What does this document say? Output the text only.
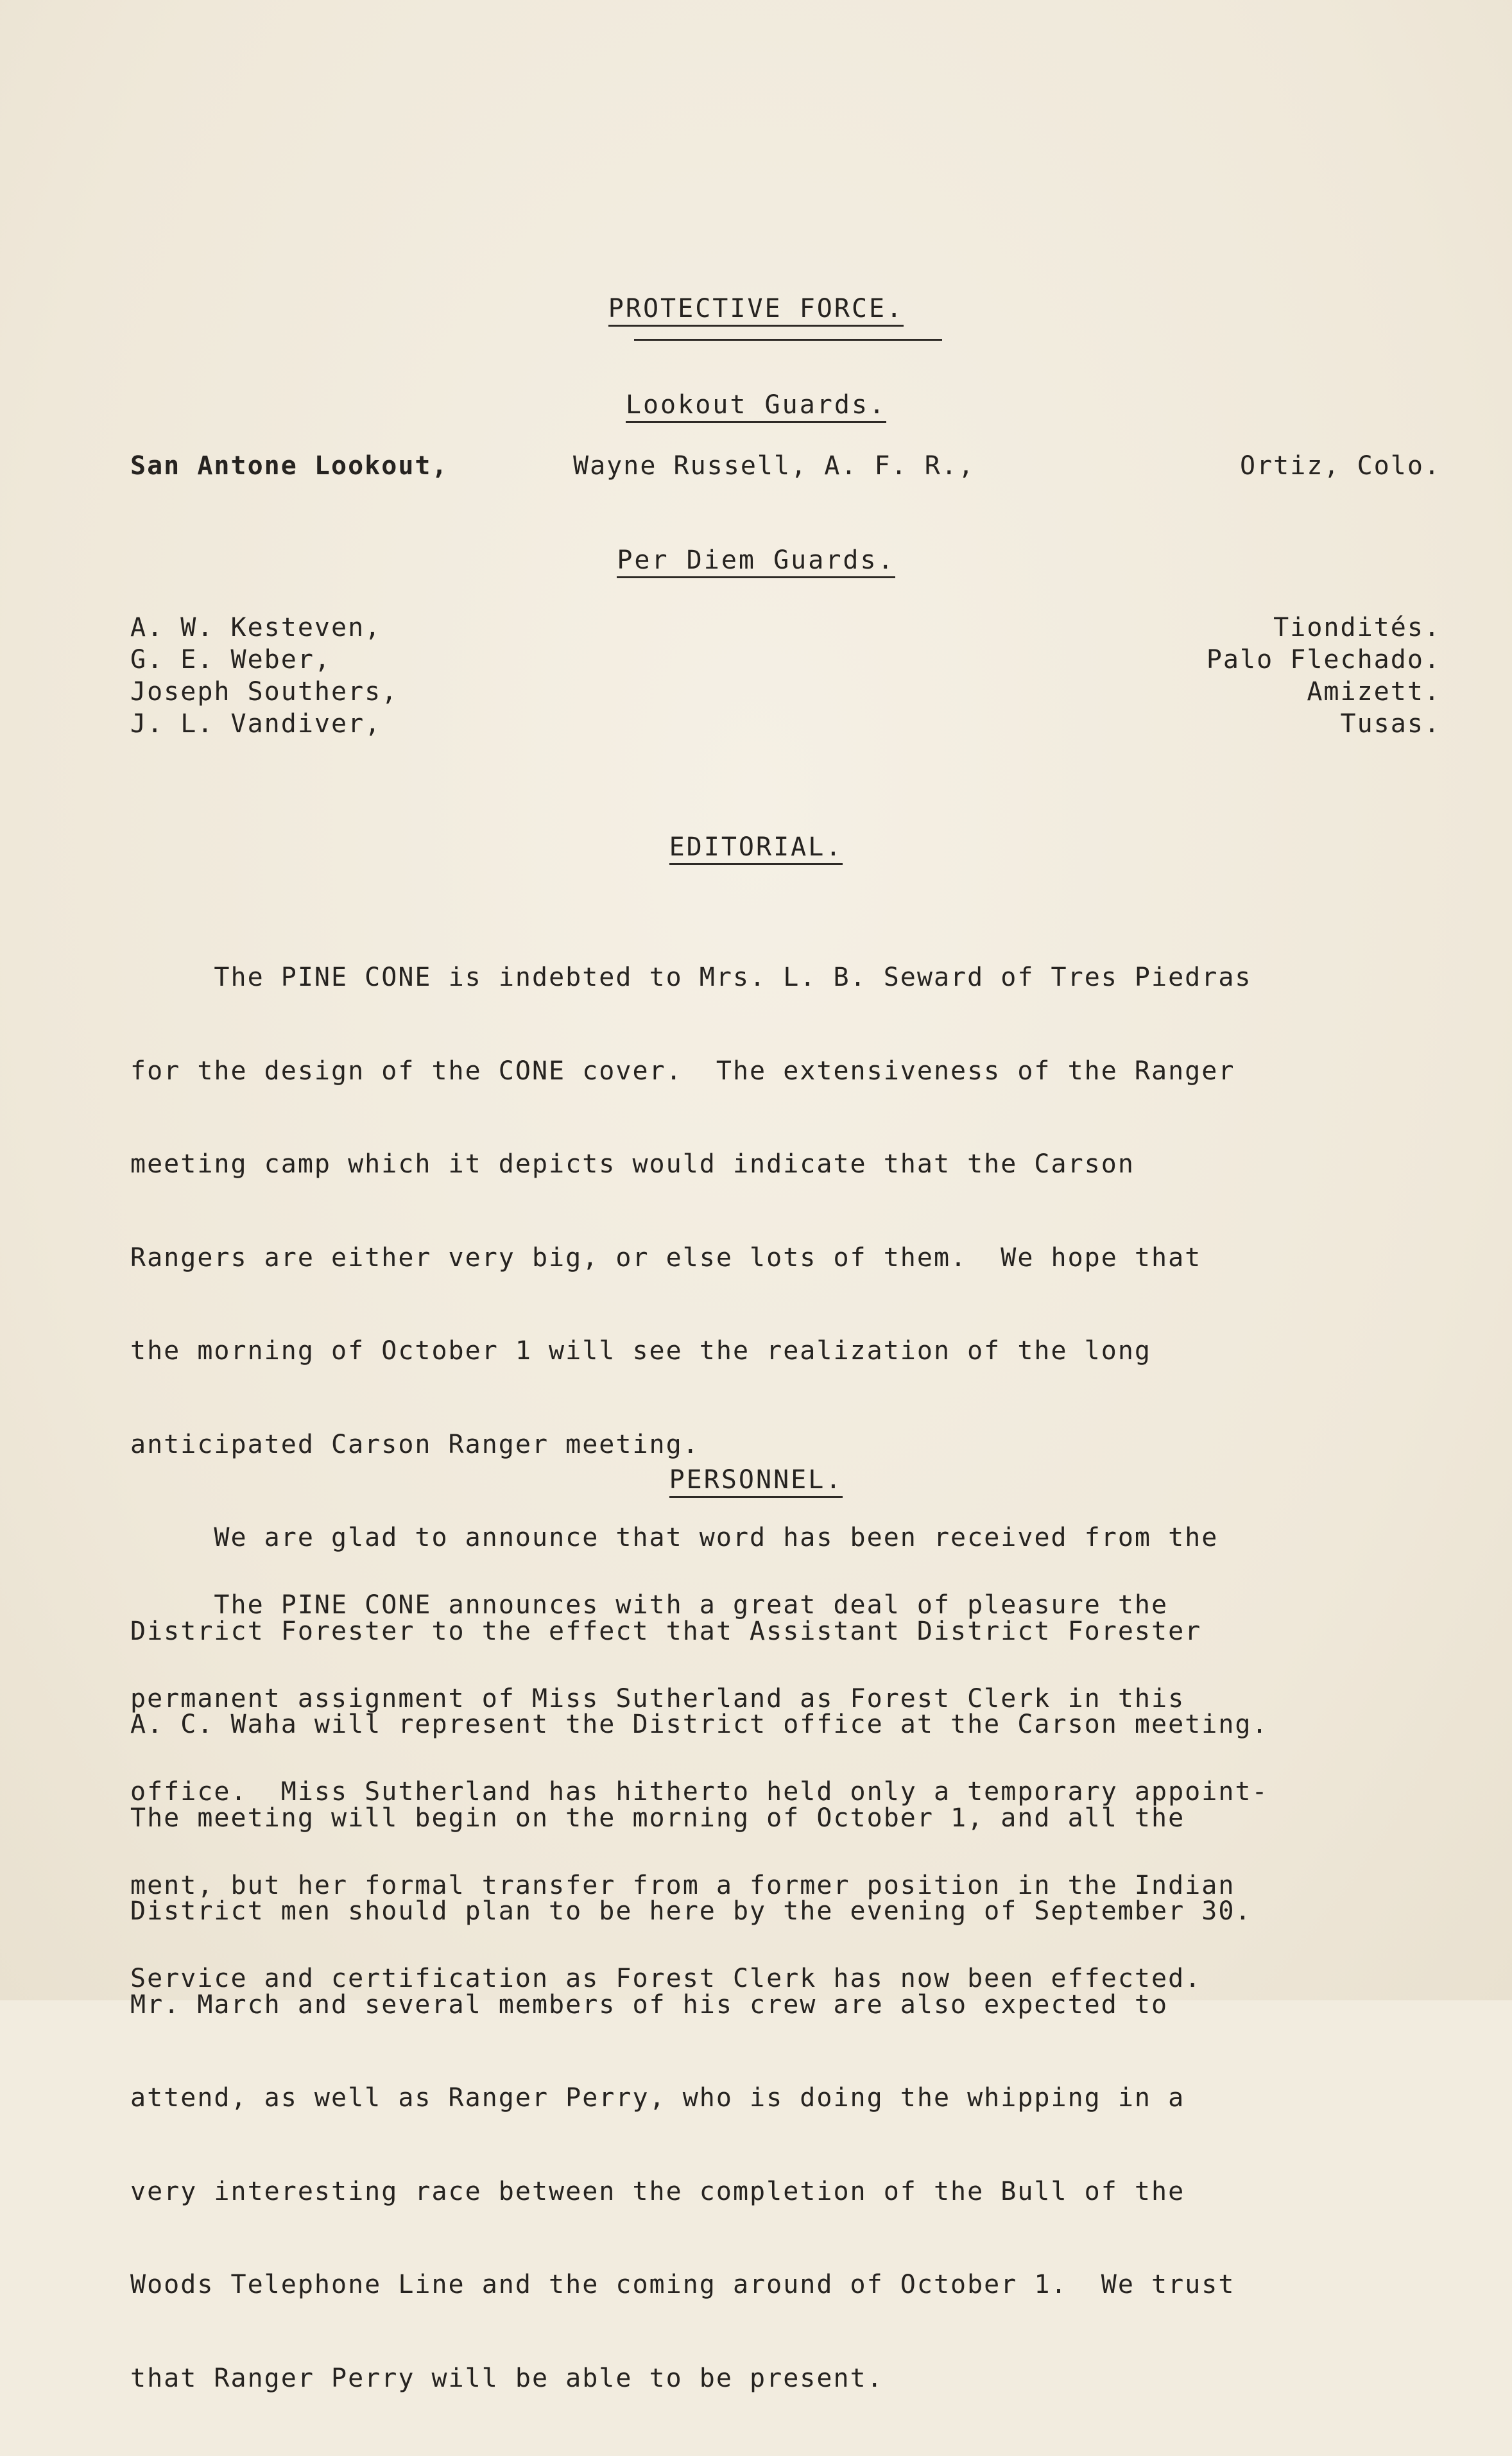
PROTECTIVE FORCE.
Lookout Guards.
San Antone Lookout,	Wayne Russell, A. F. R.,	Ortiz, Colo.
Per Diem Guards.
A. W. Kesteven,
G. E. Weber,
Joseph Southers,
J. L. Vandiver,
Tiondités.
Palo Flechado.
Amizett.
Tusas.
EDITORIAL.

The PINE CONE is indebted to Mrs. L. B. Seward of Tres Piedras

for the design of the CONE cover.  The extensiveness of the Ranger

meeting camp which it depicts would indicate that the Carson

Rangers are either very big, or else lots of them.  We hope that

the morning of October 1 will see the realization of the long

anticipated Carson Ranger meeting.

We are glad to announce that word has been received from the

District Forester to the effect that Assistant District Forester

A. C. Waha will represent the District office at the Carson meeting.

The meeting will begin on the morning of October 1, and all the

District men should plan to be here by the evening of September 30.

Mr. March and several members of his crew are also expected to

attend, as well as Ranger Perry, who is doing the whipping in a

very interesting race between the completion of the Bull of the

Woods Telephone Line and the coming around of October 1.  We trust

that Ranger Perry will be able to be present.

PERSONNEL.

The PINE CONE announces with a great deal of pleasure the

permanent assignment of Miss Sutherland as Forest Clerk in this

office.  Miss Sutherland has hitherto held only a temporary appoint-

ment, but her formal transfer from a former position in the Indian

Service and certification as Forest Clerk has now been effected.
